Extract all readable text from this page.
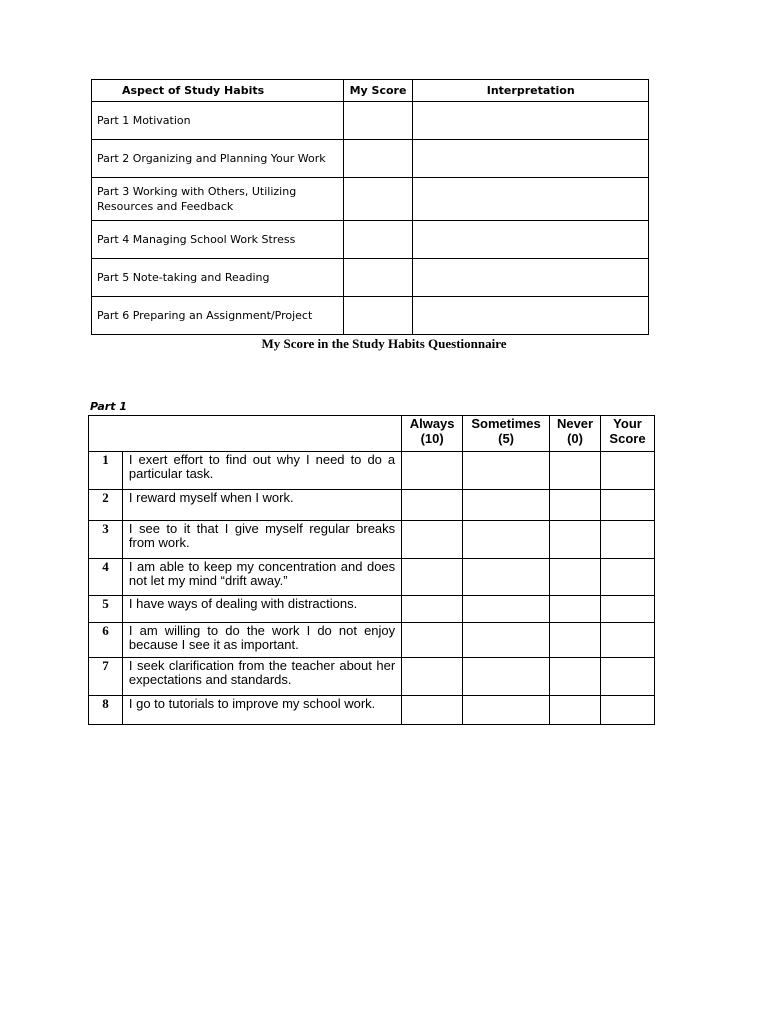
Aspect of Study Habits	My Score	Interpretation
Part 1 Motivation		
Part 2 Organizing and Planning Your Work		
Part 3 Working with Others, Utilizing Resources and Feedback		
Part 4 Managing School Work Stress		
Part 5 Note-taking and Reading		
Part 6 Preparing an Assignment/Project		
My Score in the Study Habits Questionnaire
Part 1
		Always (10)	Sometimes (5)	Never (0)	Your Score
1	I exert effort to find out why I need to do a particular task.				
2	I reward myself when I work.				
3	I see to it that I give myself regular breaks from work.				
4	I am able to keep my concentration and does not let my mind “drift away.”				
5	I have ways of dealing with distractions.				
6	I am willing to do the work I do not enjoy because I see it as important.				
7	I seek clarification from the teacher about her expectations and standards.				
8	I go to tutorials to improve my school work.				
